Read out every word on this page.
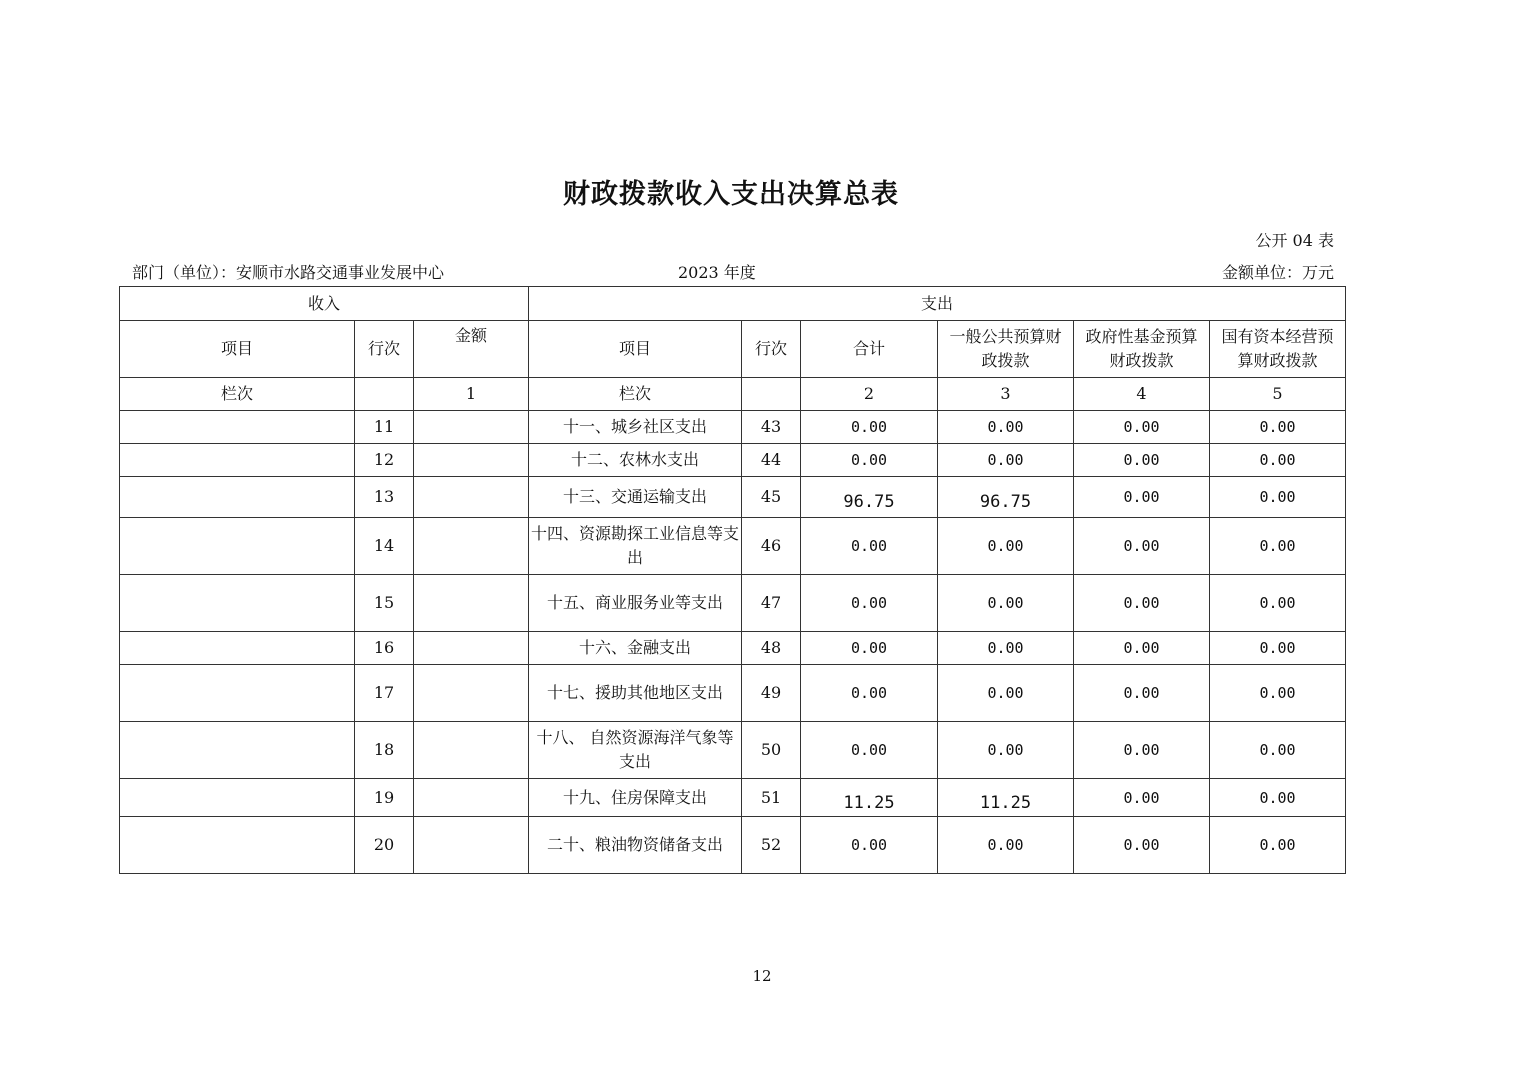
财政拨款收入支出决算总表
公开 04 表
部门（单位）：安顺市水路交通事业发展中心	2023 年度	金额单位：万元
收入			支出					
项目	行次	金额	项目	行次	合计	一般公共预算财政拨款	政府性基金预算财政拨款	国有资本经营预算财政拨款
栏次		1	栏次		2	3	4	5
	11		十一、城乡社区支出	43	0.00	0.00	0.00	0.00
	12		十二、农林水支出	44	0.00	0.00	0.00	0.00
	13		十三、交通运输支出	45	96.75	96.75	0.00	0.00
	14		十四、资源勘探工业信息等支出	46	0.00	0.00	0.00	0.00
	15		十五、商业服务业等支出	47	0.00	0.00	0.00	0.00
	16		十六、金融支出	48	0.00	0.00	0.00	0.00
	17		十七、援助其他地区支出	49	0.00	0.00	0.00	0.00
	18		十八、 自然资源海洋气象等支出	50	0.00	0.00	0.00	0.00
	19		十九、住房保障支出	51	11.25	11.25	0.00	0.00
	20		二十、粮油物资储备支出	52	0.00	0.00	0.00	0.00
12
